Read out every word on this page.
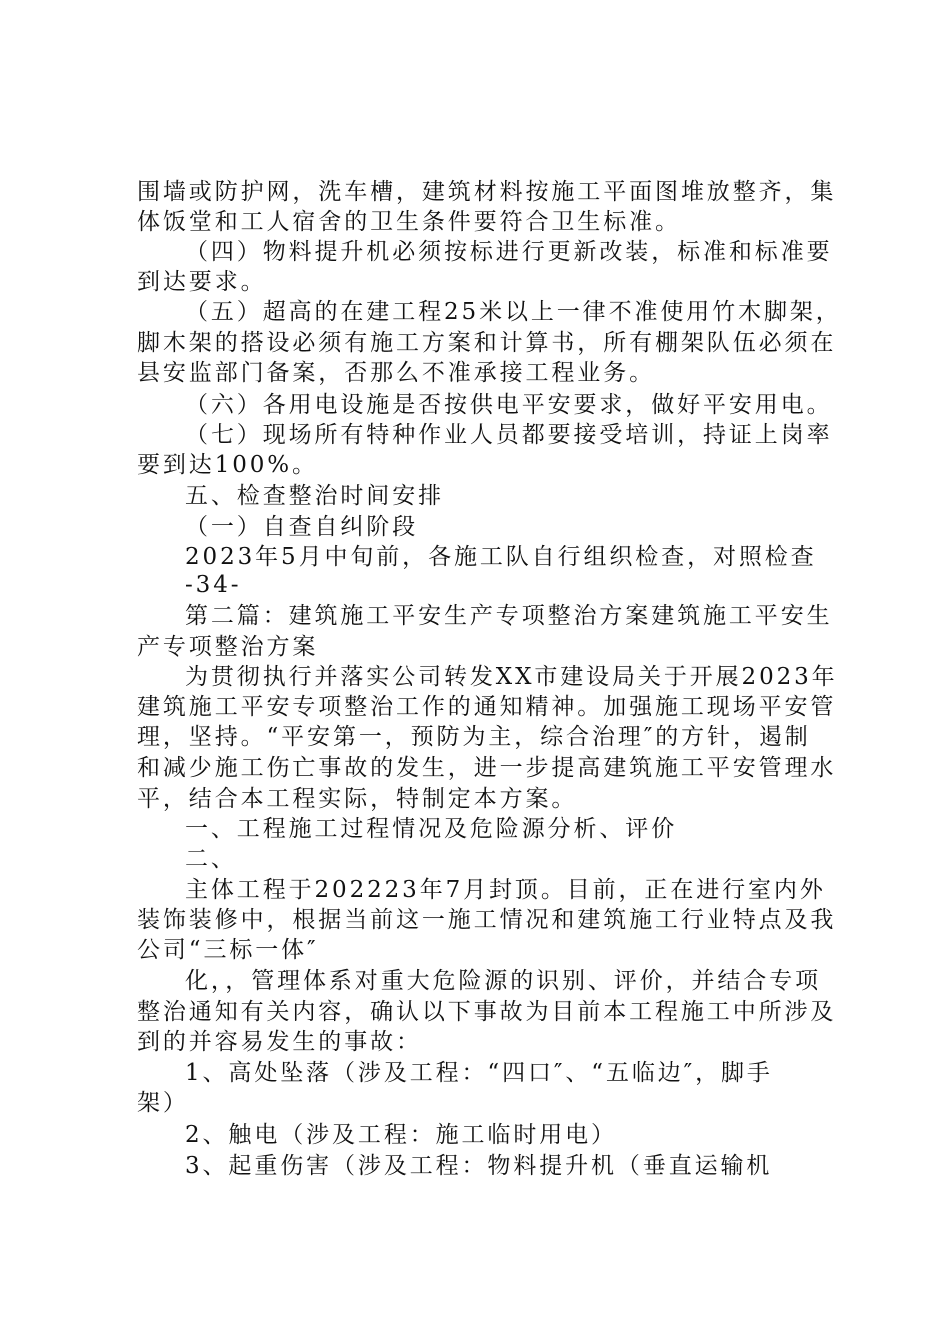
围墙或防护网，洗车槽，建筑材料按施工平面图堆放整齐，集
体饭堂和工人宿舍的卫生条件要符合卫生标准。
（四）物料提升机必须按标进行更新改装，标准和标准要
到达要求。
（五）超高的在建工程25米以上一律不准使用竹木脚架，
脚木架的搭设必须有施工方案和计算书，所有棚架队伍必须在
县安监部门备案，否那么不准承接工程业务。
（六）各用电设施是否按供电平安要求，做好平安用电。
（七）现场所有特种作业人员都要接受培训，持证上岗率
要到达100%。
五、检查整治时间安排
（一）自查自纠阶段
2023年5月中旬前，各施工队自行组织检查，对照检查
-34-
第二篇：建筑施工平安生产专项整治方案建筑施工平安生
产专项整治方案
为贯彻执行并落实公司转发XX市建设局关于开展2023年
建筑施工平安专项整治工作的通知精神。加强施工现场平安管
理，坚持。“平安第一，预防为主，综合治理″的方针，遏制
和减少施工伤亡事故的发生，进一步提高建筑施工平安管理水
平，结合本工程实际，特制定本方案。
一、工程施工过程情况及危险源分析、评价
二、
主体工程于202223年7月封顶。目前，正在进行室内外
装饰装修中，根据当前这一施工情况和建筑施工行业特点及我
公司“三标一体″
化，，管理体系对重大危险源的识别、评价，并结合专项
整治通知有关内容，确认以下事故为目前本工程施工中所涉及
到的并容易发生的事故：
1、高处坠落（涉及工程：“四口″、“五临边″，脚手
架）
2、触电（涉及工程：施工临时用电）
3、起重伤害（涉及工程：物料提升机（垂直运输机
